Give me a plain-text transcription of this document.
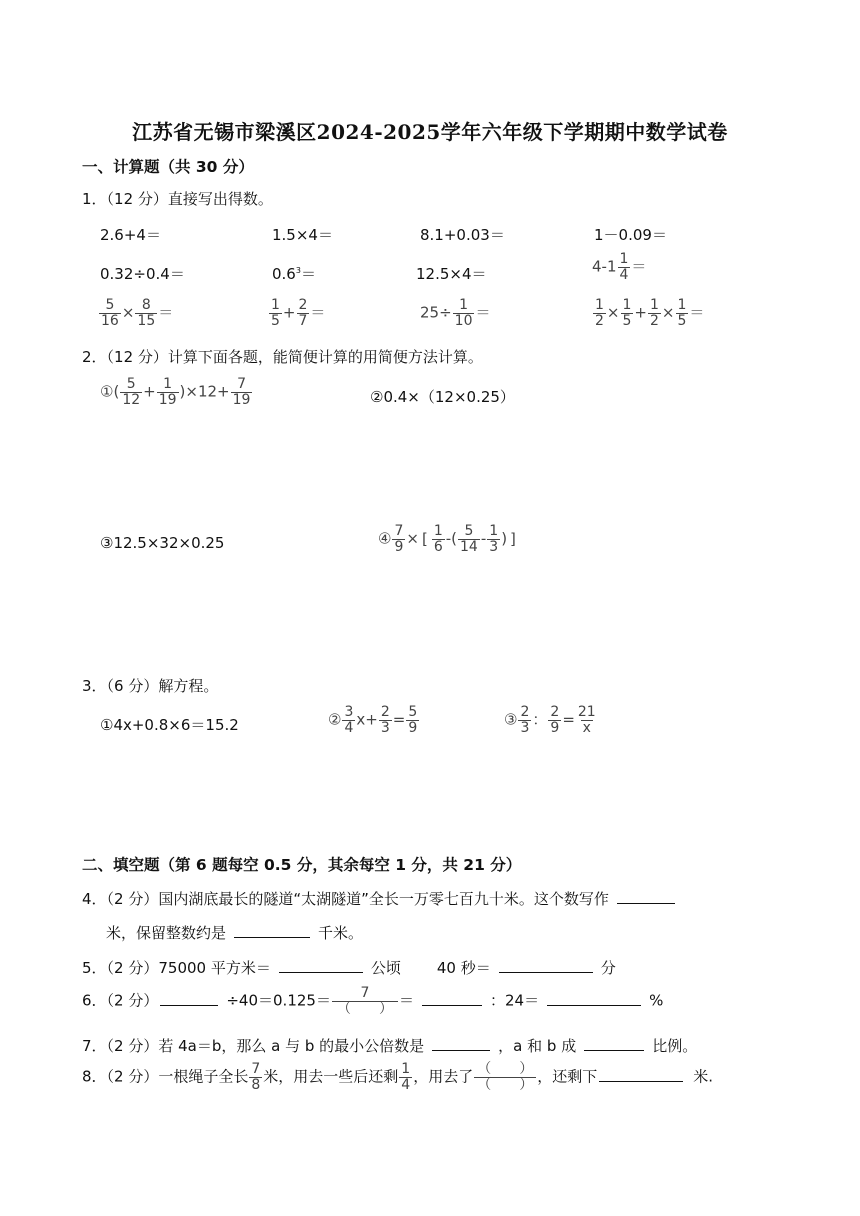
江苏省无锡市梁溪区2024-2025学年六年级下学期期中数学试卷
一、计算题（共 30 分）
1．（12 分）直接写出得数。
2.6+4＝	1.5×4＝	8.1+0.03＝	1－0.09＝
0.32÷0.4＝	$0.6^3=$	12.5×4＝	$4-1 \frac{1}{4}$ ＝
$\frac{5}{16} \times \frac{8}{15}$ ＝	$\frac{1}{5} + \frac{2}{7}$ ＝	$25\div \frac{1}{10}$ ＝	$\frac{1}{2} \times \frac{1}{5} + \frac{1}{2} \times \frac{1}{5}$ ＝
2．（12 分）计算下面各题，能简便计算的用简便方法计算。
①( $\frac{5}{12} + \frac{1}{19} )\times 12+ \frac{7}{19}$	②0.4×（12×0.25）
③12.5×32×0.25	④ $\frac{7}{9}$ × [ $\frac{1}{6}$ -( $\frac{5}{14} - \frac{1}{3}$ ) ]
3．（6 分）解方程。
①4x+0.8×6＝15.2	② $\frac{3}{4} x+ \frac{2}{3} = \frac{5}{9}$	③ $\frac{2}{3}$ ： $\frac{2}{9} = \frac{21}{x}$
二、填空题（第 6 题每空 0.5 分，其余每空 1 分，共 21 分）
4．（2 分）国内湖底最长的隧道“太湖隧道”全长一万零七百九十米。这个数写作
米，保留整数约是	千米。
5．（2 分）75000 平方米＝	公顷 40 秒＝	分
6．（2 分）	$\div 40=0.125= \frac{7}{( )}$ ＝	：24＝	%
7．（2 分）若 4a＝b，那么 a 与 b 的最小公倍数是	，a 和 b 成	比例。
8．（2 分）一根绳子全长 $\frac{7}{8}$ 米，用去一些后还剩 $\frac{1}{4}$ ，用去了 $\frac{( )}{( )}$ ，还剩下	米.
